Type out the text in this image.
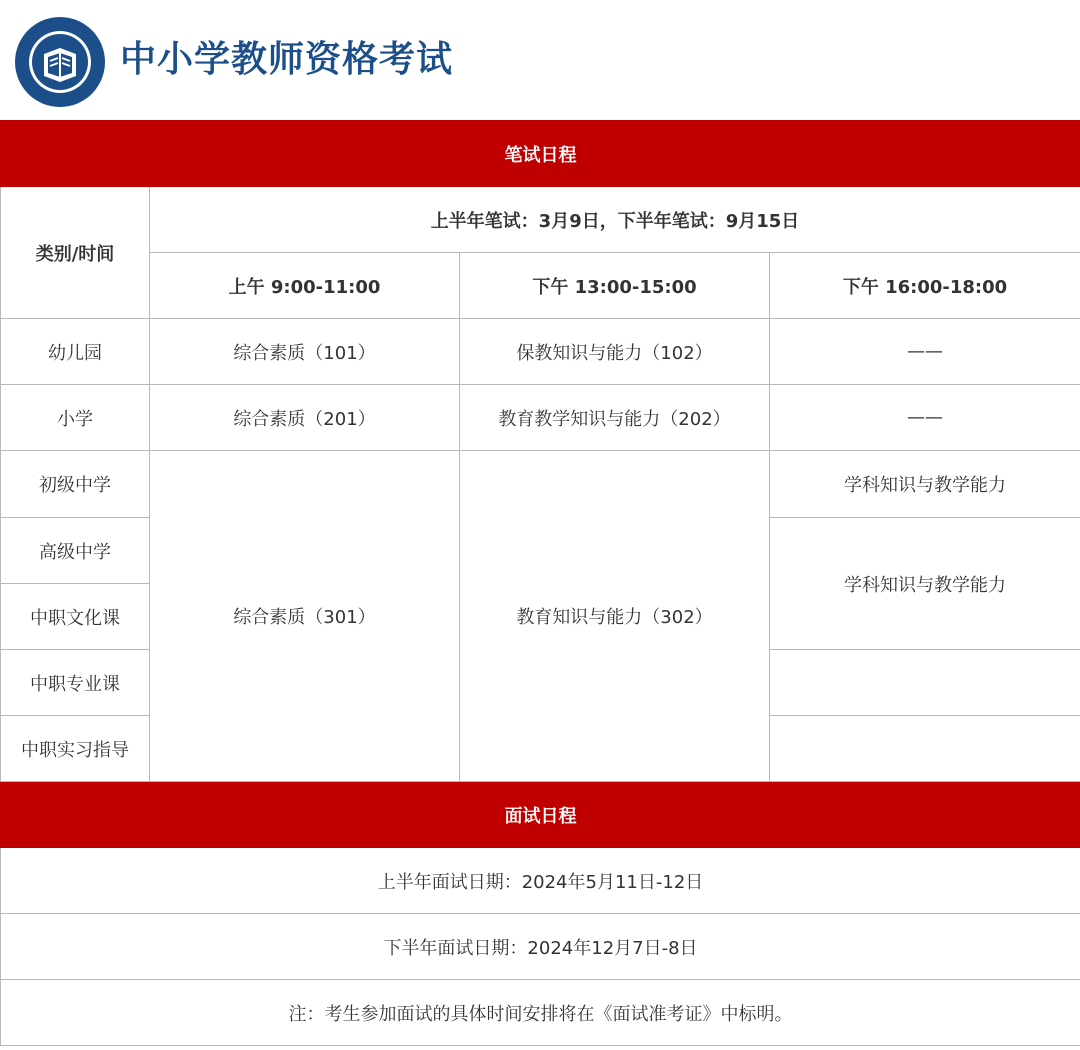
中小学教师资格考试
笔试日程			
类别/时间	上半年笔试：3月9日，下半年笔试：9月15日		
	上午 9:00-11:00	下午 13:00-15:00	下午 16:00-18:00
幼儿园	综合素质（101）	保教知识与能力（102）	——
小学	综合素质（201）	教育教学知识与能力（202）	——
初级中学	综合素质（301）	教育知识与能力（302）	学科知识与教学能力
高级中学			学科知识与教学能力
中职文化课			
中职专业课			
中职实习指导			
面试日程			
上半年面试日期：2024年5月11日-12日			
下半年面试日期：2024年12月7日-8日			
注：考生参加面试的具体时间安排将在《面试准考证》中标明。			
